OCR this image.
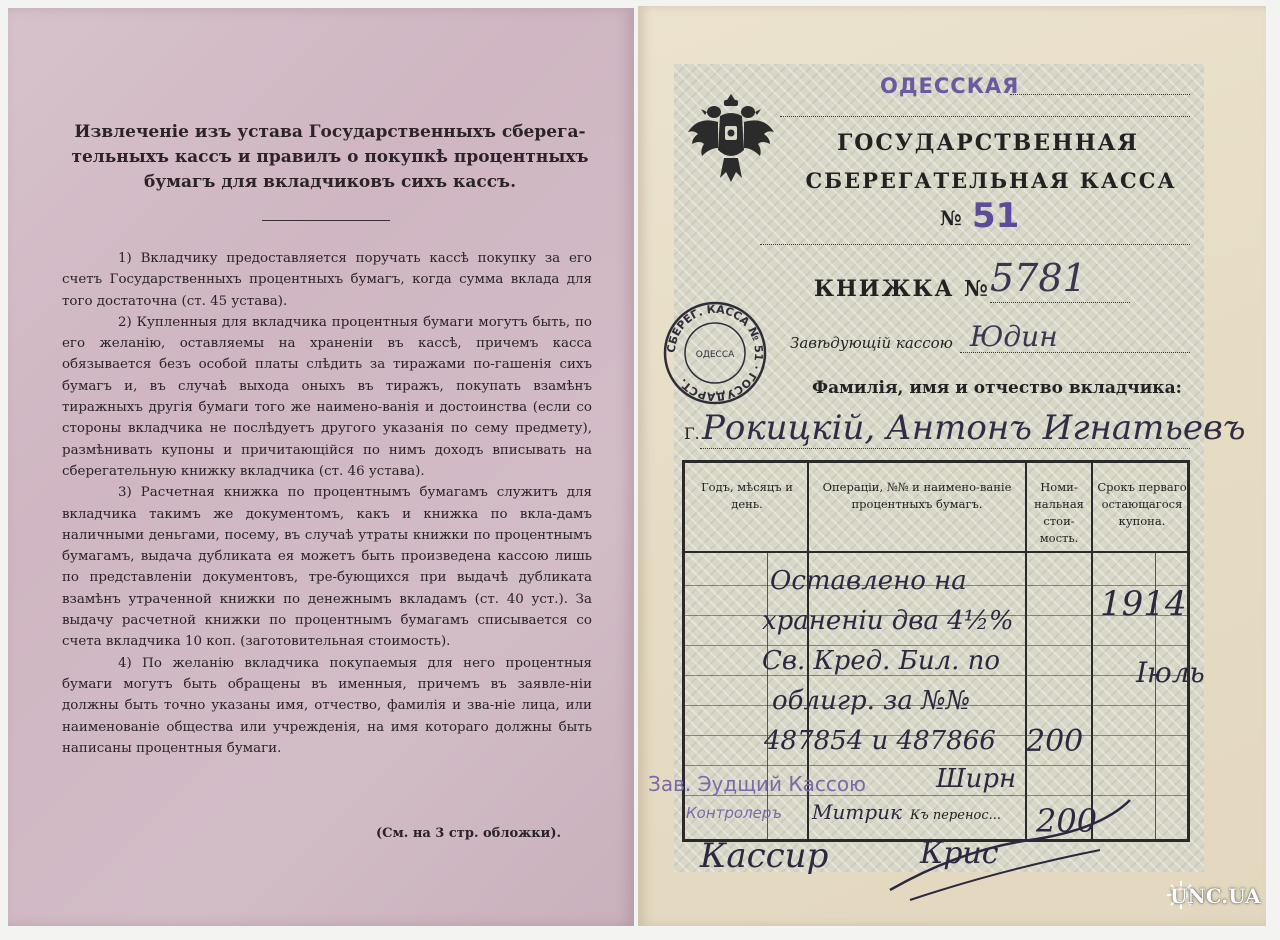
Извлеченіе изъ устава Государственныхъ сберега-тельныхъ кассъ и правилъ о покупкѣ процентныхъ бумагъ для вкладчиковъ сихъ кассъ.

1) Вкладчику предоставляется поручать кассѣ покупку за его счетъ Государственныхъ процентныхъ бумагъ, когда сумма вклада для того достаточна (ст. 45 устава).

2) Купленныя для вкладчика процентныя бумаги могутъ быть, по его желанію, оставляемы на храненіи въ кассѣ, причемъ касса обязывается безъ особой платы слѣдить за тиражами по-гашенія сихъ бумагъ и, въ случаѣ выхода оныхъ въ тиражъ, покупать взамѣнъ тиражныхъ другія бумаги того же наимено-ванія и достоинства (если со стороны вкладчика не послѣдуетъ другого указанія по сему предмету), размѣнивать купоны и причитающійся по нимъ доходъ вписывать на сберегательную книжку вкладчика (ст. 46 устава).

3) Расчетная книжка по процентнымъ бумагамъ служитъ для вкладчика такимъ же документомъ, какъ и книжка по вкла-дамъ наличными деньгами, посему, въ случаѣ утраты книжки по процентнымъ бумагамъ, выдача дубликата ея можетъ быть произведена кассою лишь по представленіи документовъ, тре-бующихся при выдачѣ дубликата взамѣнъ утраченной книжки по денежнымъ вкладамъ (ст. 40 уст.). За выдачу расчетной книжки по процентнымъ бумагамъ списывается со счета вкладчика 10 коп. (заготовительная стоимость).

4) По желанію вкладчика покупаемыя для него процентныя бумаги могутъ быть обращены въ именныя, причемъ въ заявле-ніи должны быть точно указаны имя, отчество, фамилія и зва-ніе лица, или наименованіе общества или учрежденія, на имя котораго должны быть написаны процентныя бумаги.

(См. на 3 стр. обложки).
ОДЕССКАЯ
ГОСУДАРСТВЕННАЯ
СБЕРЕГАТЕЛЬНАЯ КАССА
№ 51
КНИЖКА № 5781
СБЕРЕГ. КАССА № 51 · ГОСУДАРСТ.
ОДЕССА
Завѣдующій кассою Юдин
Фамилія, имя и отчество вкладчика:
Г. Рокицкій, Антонъ Игнатьевъ
Годъ, мѣсяцъ и день.
Операціи, №№ и наимено-ваніе процентныхъ бумагъ.
Номи-нальная стои-мость.
Срокъ перваго остающагося купона.
Оставлено на
храненіи два 4½%
Св. Кред. Бил. по
облигр. за №№
487854 и 487866 200
1914
Іюль
Зав. Эудщий Кассою
Контролеръ
Ширн
Митрик Къ перенос... 200
Кассир	Крис
UNC.UA
